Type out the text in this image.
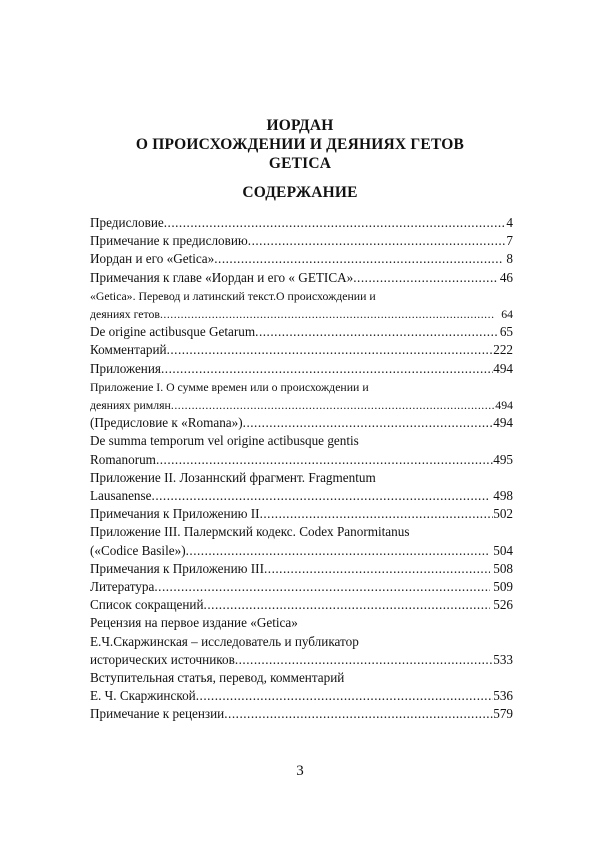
ИОРДАН
О ПРОИСХОЖДЕНИИ И ДЕЯНИЯХ ГЕТОВ
GETICA
СОДЕРЖАНИЕ
Предисловие .....	4
Примечание к предисловию .....	7
Иордан и его «Getica» .....	8
Примечания к главе «Иордан и его « GETICA» .....	46
«Getica». Перевод и латинский текст.О происхождении и
деяниях гетов .....	64
De origine actibusque Getarum .....	65
Комментарий .....	222
Приложения .....	494
Приложение I. О сумме времен или о происхождении и
деяниях римлян .....	494
(Предисловие к «Romana») .....	494
De summa temporum vel origine actibusque gentis
Romanorum .....	495
Приложение II. Лозаннский фрагмент. Fragmentum
Lausanense .....	498
Примечания к Приложению II .....	502
Приложение III. Палермский кодекс. Codex Panormitanus
(«Codice Basile») .....	504
Примечания к Приложению III .....	508
Литература .....	509
Список сокращений .....	526
Рецензия на первое издание «Getica»
Е.Ч.Скаржинская – исследователь и публикатор
исторических источников .....	533
Вступительная статья, перевод, комментарий
Е. Ч. Скаржинской .....	536
Примечание к рецензии .....	579
3
